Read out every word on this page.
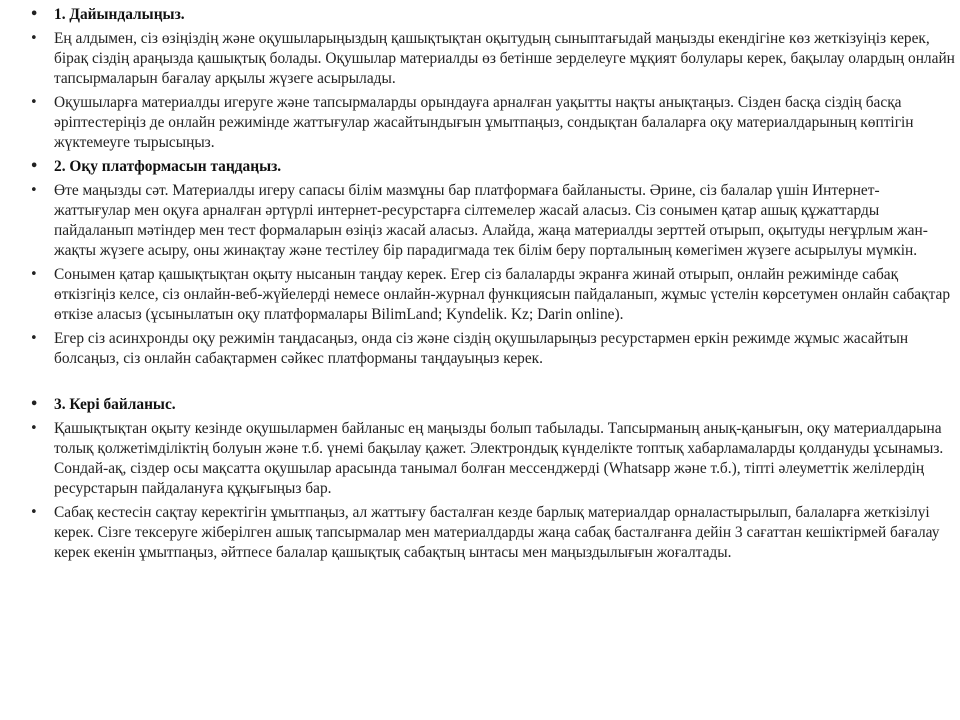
• 1. Дайындалыңыз.
• Ең алдымен, сіз өзіңіздің және оқушыларыңыздың қашықтықтан оқытудың сыныптағыдай маңызды екендігіне көз жеткізуіңіз керек, бірақ сіздің араңызда қашықтық болады. Оқушылар материалды өз бетінше зерделеуге мұқият болулары керек, бақылау олардың онлайн тапсырмаларын бағалау арқылы жүзеге асырылады.
• Оқушыларға материалды игеруге және тапсырмаларды орындауға арналған уақытты нақты анықтаңыз. Сізден басқа сіздің басқа әріптестеріңіз де онлайн режимінде жаттығулар жасайтындығын ұмытпаңыз, сондықтан балаларға оқу материалдарының көптігін жүктемеуге тырысыңыз.
• 2. Оқу платформасын таңдаңыз.
• Өте маңызды сәт. Материалды игеру сапасы білім мазмұны бар платформаға байланысты. Әрине, сіз балалар үшін Интернет-жаттығулар мен оқуға арналған әртүрлі интернет-ресурстарға сілтемелер жасай аласыз. Сіз сонымен қатар ашық құжаттарды пайдаланып мәтіндер мен тест формаларын өзіңіз жасай аласыз. Алайда, жаңа материалды зерттей отырып, оқытуды неғұрлым жан-жақты жүзеге асыру, оны жинақтау және тестілеу бір парадигмада тек білім беру порталының көмегімен жүзеге асырылуы мүмкін.
• Сонымен қатар қашықтықтан оқыту нысанын таңдау керек. Егер сіз балаларды экранға жинай отырып, онлайн режимінде сабақ өткізгіңіз келсе, сіз онлайн-веб-жүйелерді немесе онлайн-журнал функциясын пайдаланып, жұмыс үстелін көрсетумен онлайн сабақтар өткізе аласыз (ұсынылатын оқу платформалары BilimLand; Kyndelik. Kz; Darin online).
• Егер сіз асинхронды оқу режимін таңдасаңыз, онда сіз және сіздің оқушыларыңыз ресурстармен еркін режимде жұмыс жасайтын болсаңыз, сіз онлайн сабақтармен сәйкес платформаны таңдауыңыз керек.
• 3. Кері байланыс.
• Қашықтықтан оқыту кезінде оқушылармен байланыс ең маңызды болып табылады. Тапсырманың анық-қанығын, оқу материалдарына толық қолжетімділіктің болуын және т.б. үнемі бақылау қажет. Электрондық күнделікте топтық хабарламаларды қолдануды ұсынамыз. Сондай-ақ, сіздер осы мақсатта оқушылар арасында танымал болған мессенджерді (Whatsapp және т.б.), тіпті әлеуметтік желілердің ресурстарын пайдалануға құқығыңыз бар.
• Сабақ кестесін сақтау керектігін ұмытпаңыз, ал жаттығу басталған кезде барлық материалдар орналастырылып, балаларға жеткізілуі керек. Сізге тексеруге жіберілген ашық тапсырмалар мен материалдарды жаңа сабақ басталғанға дейін 3 сағаттан кешіктірмей бағалау керек екенін ұмытпаңыз, әйтпесе балалар қашықтық сабақтың ынтасы мен маңыздылығын жоғалтады.
